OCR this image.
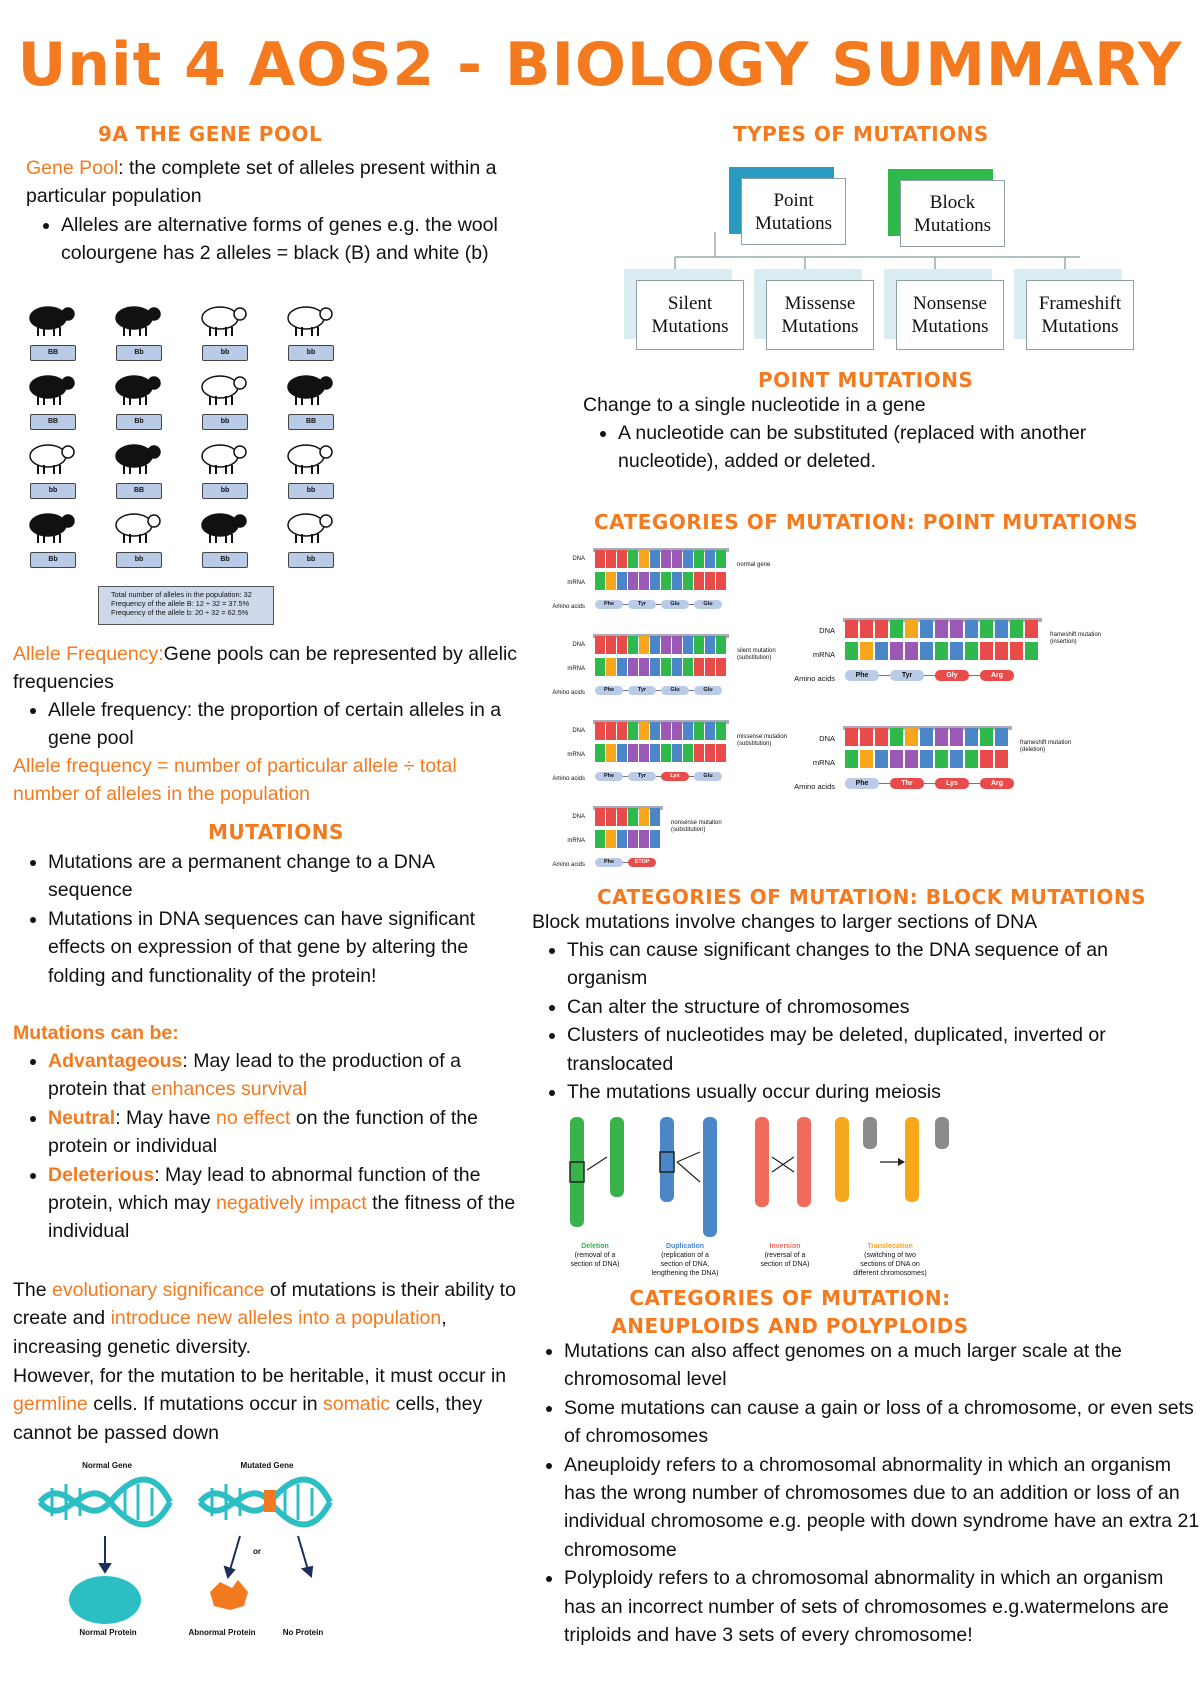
Unit 4 AOS2 - BIOLOGY SUMMARY
9A THE GENE POOL
Gene Pool: the complete set of alleles present within a particular population
• Alleles are alternative forms of genes e.g. the wool colourgene has 2 alleles = black (B) and white (b)
BB	Bb	bb	bb
BB	Bb	bb	BB
bb	BB	bb	bb
Bb	bb	Bb	bb
Total number of alleles in the population: 32
Frequency of the allele B: 12 ÷ 32 = 37.5%
Frequency of the allele b: 20 ÷ 32 = 62.5%
Allele Frequency:Gene pools can be represented by allelic frequencies
• Allele frequency: the proportion of certain alleles in a gene pool
Allele frequency = number of particular allele ÷ total number of alleles in the population
MUTATIONS
• Mutations are a permanent change to a DNA sequence
• Mutations in DNA sequences can have significant effects on expression of that gene by altering the folding and functionality of the protein!
Mutations can be:
• Advantageous: May lead to the production of a protein that enhances survival
• Neutral: May have no effect on the function of the protein or individual
• Deleterious: May lead to abnormal function of the protein, which may negatively impact the fitness of the individual
The evolutionary significance of mutations is their ability to create and introduce new alleles into a population, increasing genetic diversity.
However, for the mutation to be heritable, it must occur in germline cells. If mutations occur in somatic cells, they cannot be passed down
Normal Gene	Mutated Gene
or
Normal Protein	Abnormal Protein	No Protein
TYPES OF MUTATIONS
Point
Mutations
Block
Mutations
Silent
Mutations
Missense
Mutations
Nonsense
Mutations
Frameshift
Mutations
POINT MUTATIONS
Change to a single nucleotide in a gene
• A nucleotide can be substituted (replaced with another nucleotide), added or deleted.
CATEGORIES OF MUTATION: POINT MUTATIONS
DNA
mRNA
Amino acids	Phe	Tyr	Glu	Glu
normal gene
DNA
mRNA
Amino acids	Phe	Tyr	Glu	Glu
silent mutation
(substitution)
DNA
mRNA
Amino acids	Phe	Tyr	Lys	Glu
missense mutation
(substitution)
DNA
mRNA
Amino acids	Phe	STOP
nonsense mutation
(substitution)
DNA
mRNA
Amino acids	Phe	Tyr	Gly	Arg
frameshift mutation
(insertion)
DNA
mRNA
Amino acids	Phe	Thr	Lys	Arg
frameshift mutation
(deletion)
CATEGORIES OF MUTATION: BLOCK MUTATIONS
Block mutations involve changes to larger sections of DNA
• This can cause significant changes to the DNA sequence of an organism
• Can alter the structure of chromosomes
• Clusters of nucleotides may be deleted, duplicated, inverted or translocated
• The mutations usually occur during meiosis
Deletion
(removal of a
section of DNA)
Duplication
(replication of a
section of DNA,
lengthening the DNA)
Inversion
(reversal of a
section of DNA)
Translocation
(switching of two
sections of DNA on
different chromosomes)
CATEGORIES OF MUTATION: ANEUPLOIDS AND POLYPLOIDS
• Mutations can also affect genomes on a much larger scale at the chromosomal level
• Some mutations can cause a gain or loss of a chromosome, or even sets of chromosomes
• Aneuploidy refers to a chromosomal abnormality in which an organism has the wrong number of chromosomes due to an addition or loss of an individual chromosome e.g. people with down syndrome have an extra 21 chromosome
• Polyploidy refers to a chromosomal abnormality in which an organism has an incorrect number of sets of chromosomes e.g.watermelons are triploids and have 3 sets of every chromosome!
